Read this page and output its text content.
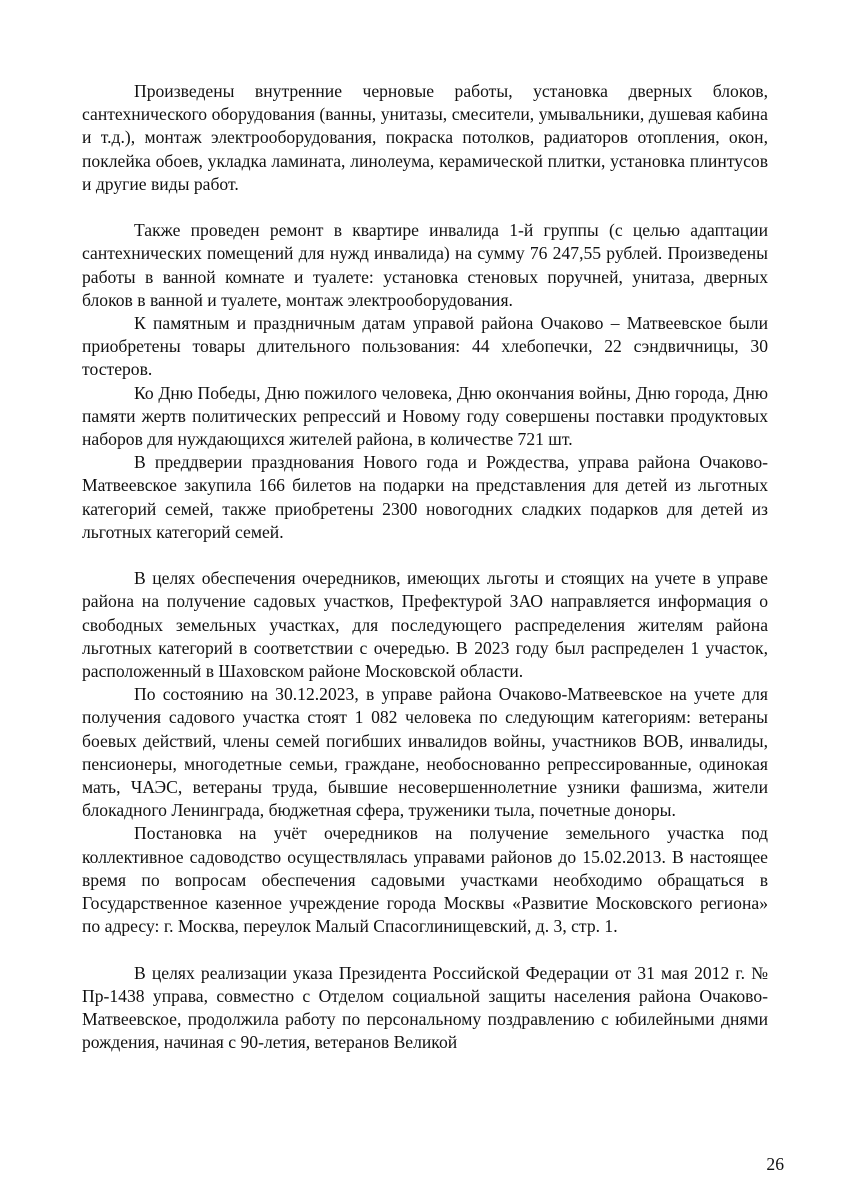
Произведены внутренние черновые работы, установка дверных блоков, сантехнического оборудования (ванны, унитазы, смесители, умывальники, душевая кабина и т.д.), монтаж электрооборудования, покраска потолков, радиаторов отопления, окон, поклейка обоев, укладка ламината, линолеума, керамической плитки, установка плинтусов и другие виды работ.

Также проведен ремонт в квартире инвалида 1-й группы (с целью адаптации сантехнических помещений для нужд инвалида) на сумму 76 247,55 рублей. Произведены работы в ванной комнате и туалете: установка стеновых поручней, унитаза, дверных блоков в ванной и туалете, монтаж электрооборудования.

К памятным и праздничным датам управой района Очаково – Матвеевское были приобретены товары длительного пользования: 44 хлебопечки, 22 сэндвичницы, 30 тостеров.

Ко Дню Победы, Дню пожилого человека, Дню окончания войны, Дню города, Дню памяти жертв политических репрессий и Новому году совершены поставки продуктовых наборов для нуждающихся жителей района, в количестве 721 шт.

В преддверии празднования Нового года и Рождества, управа района Очаково-Матвеевское закупила 166 билетов на подарки на представления для детей из льготных категорий семей, также приобретены 2300 новогодних сладких подарков для детей из льготных категорий семей.

В целях обеспечения очередников, имеющих льготы и стоящих на учете в управе района на получение садовых участков, Префектурой ЗАО направляется информация о свободных земельных участках, для последующего распределения жителям района льготных категорий в соответствии с очередью. В 2023 году был распределен 1 участок, расположенный в Шаховском районе Московской области.

По состоянию на 30.12.2023, в управе района Очаково-Матвеевское на учете для получения садового участка стоят 1 082 человека по следующим категориям: ветераны боевых действий, члены семей погибших инвалидов войны, участников ВОВ, инвалиды, пенсионеры, многодетные семьи, граждане, необоснованно репрессированные, одинокая мать, ЧАЭС, ветераны труда, бывшие несовершеннолетние узники фашизма, жители блокадного Ленинграда, бюджетная сфера, труженики тыла, почетные доноры.

Постановка на учёт очередников на получение земельного участка под коллективное садоводство осуществлялась управами районов до 15.02.2013. В настоящее время по вопросам обеспечения садовыми участками необходимо обращаться в Государственное казенное учреждение города Москвы «Развитие Московского региона» по адресу: г. Москва, переулок Малый Спасоглинищевский, д. 3, стр. 1.

В целях реализации указа Президента Российской Федерации от 31 мая 2012 г. № Пр-1438 управа, совместно с Отделом социальной защиты населения района Очаково-Матвеевское, продолжила работу по персональному поздравлению с юбилейными днями рождения, начиная с 90-летия, ветеранов Великой

26
